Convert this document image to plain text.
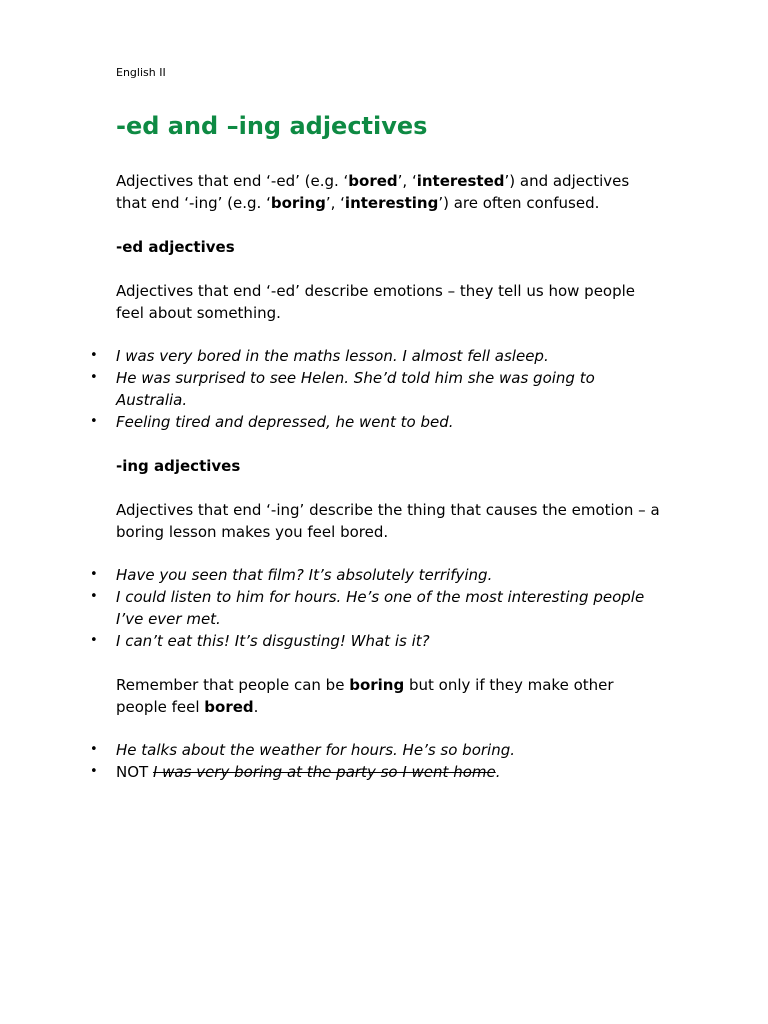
English II
-ed and –ing adjectives

Adjectives that end ‘-ed’ (e.g. ‘bored’, ‘interested’) and adjectives that end ‘-ing’ (e.g. ‘boring’, ‘interesting’) are often confused.

-ed adjectives

Adjectives that end ‘-ed’ describe emotions – they tell us how people feel about something.

• I was very bored in the maths lesson. I almost fell asleep.

• He was surprised to see Helen. She’d told him she was going to Australia.

• Feeling tired and depressed, he went to bed.

-ing adjectives

Adjectives that end ‘-ing’ describe the thing that causes the emotion – a boring lesson makes you feel bored.

• Have you seen that film? It’s absolutely terrifying.

• I could listen to him for hours. He’s one of the most interesting people I’ve ever met.

• I can’t eat this! It’s disgusting! What is it?

Remember that people can be boring but only if they make other people feel bored.

• He talks about the weather for hours. He’s so boring.

• NOT I was very boring at the party so I went home.
